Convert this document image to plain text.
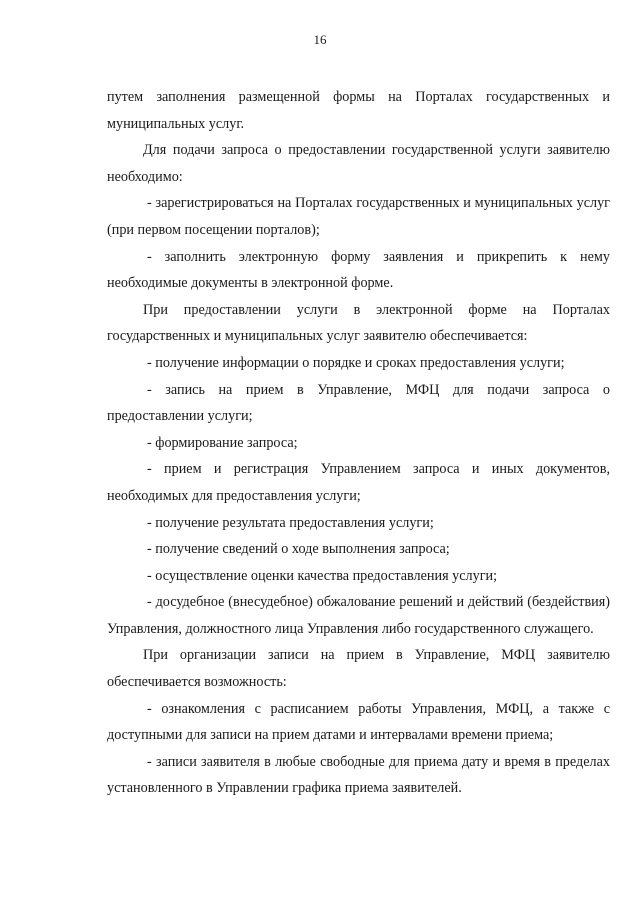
16

путем заполнения размещенной формы на Порталах государственных и муниципальных услуг.

Для подачи запроса о предоставлении государственной услуги заявителю необходимо:

- зарегистрироваться на Порталах государственных и муниципальных услуг (при первом посещении порталов);

- заполнить электронную форму заявления и прикрепить к нему необходимые документы в электронной форме.

При предоставлении услуги в электронной форме на Порталах государственных и муниципальных услуг заявителю обеспечивается:

- получение информации о порядке и сроках предоставления услуги;

- запись на прием в Управление, МФЦ для подачи запроса о предоставлении услуги;

- формирование запроса;

- прием и регистрация Управлением запроса и иных документов, необходимых для предоставления услуги;

- получение результата предоставления услуги;

- получение сведений о ходе выполнения запроса;

- осуществление оценки качества предоставления услуги;

- досудебное (внесудебное) обжалование решений и действий (бездействия) Управления, должностного лица Управления либо государственного служащего.

При организации записи на прием в Управление, МФЦ заявителю обеспечивается возможность:

- ознакомления с расписанием работы Управления, МФЦ, а также с доступными для записи на прием датами и интервалами времени приема;

- записи заявителя в любые свободные для приема дату и время в пределах установленного в Управлении графика приема заявителей.
